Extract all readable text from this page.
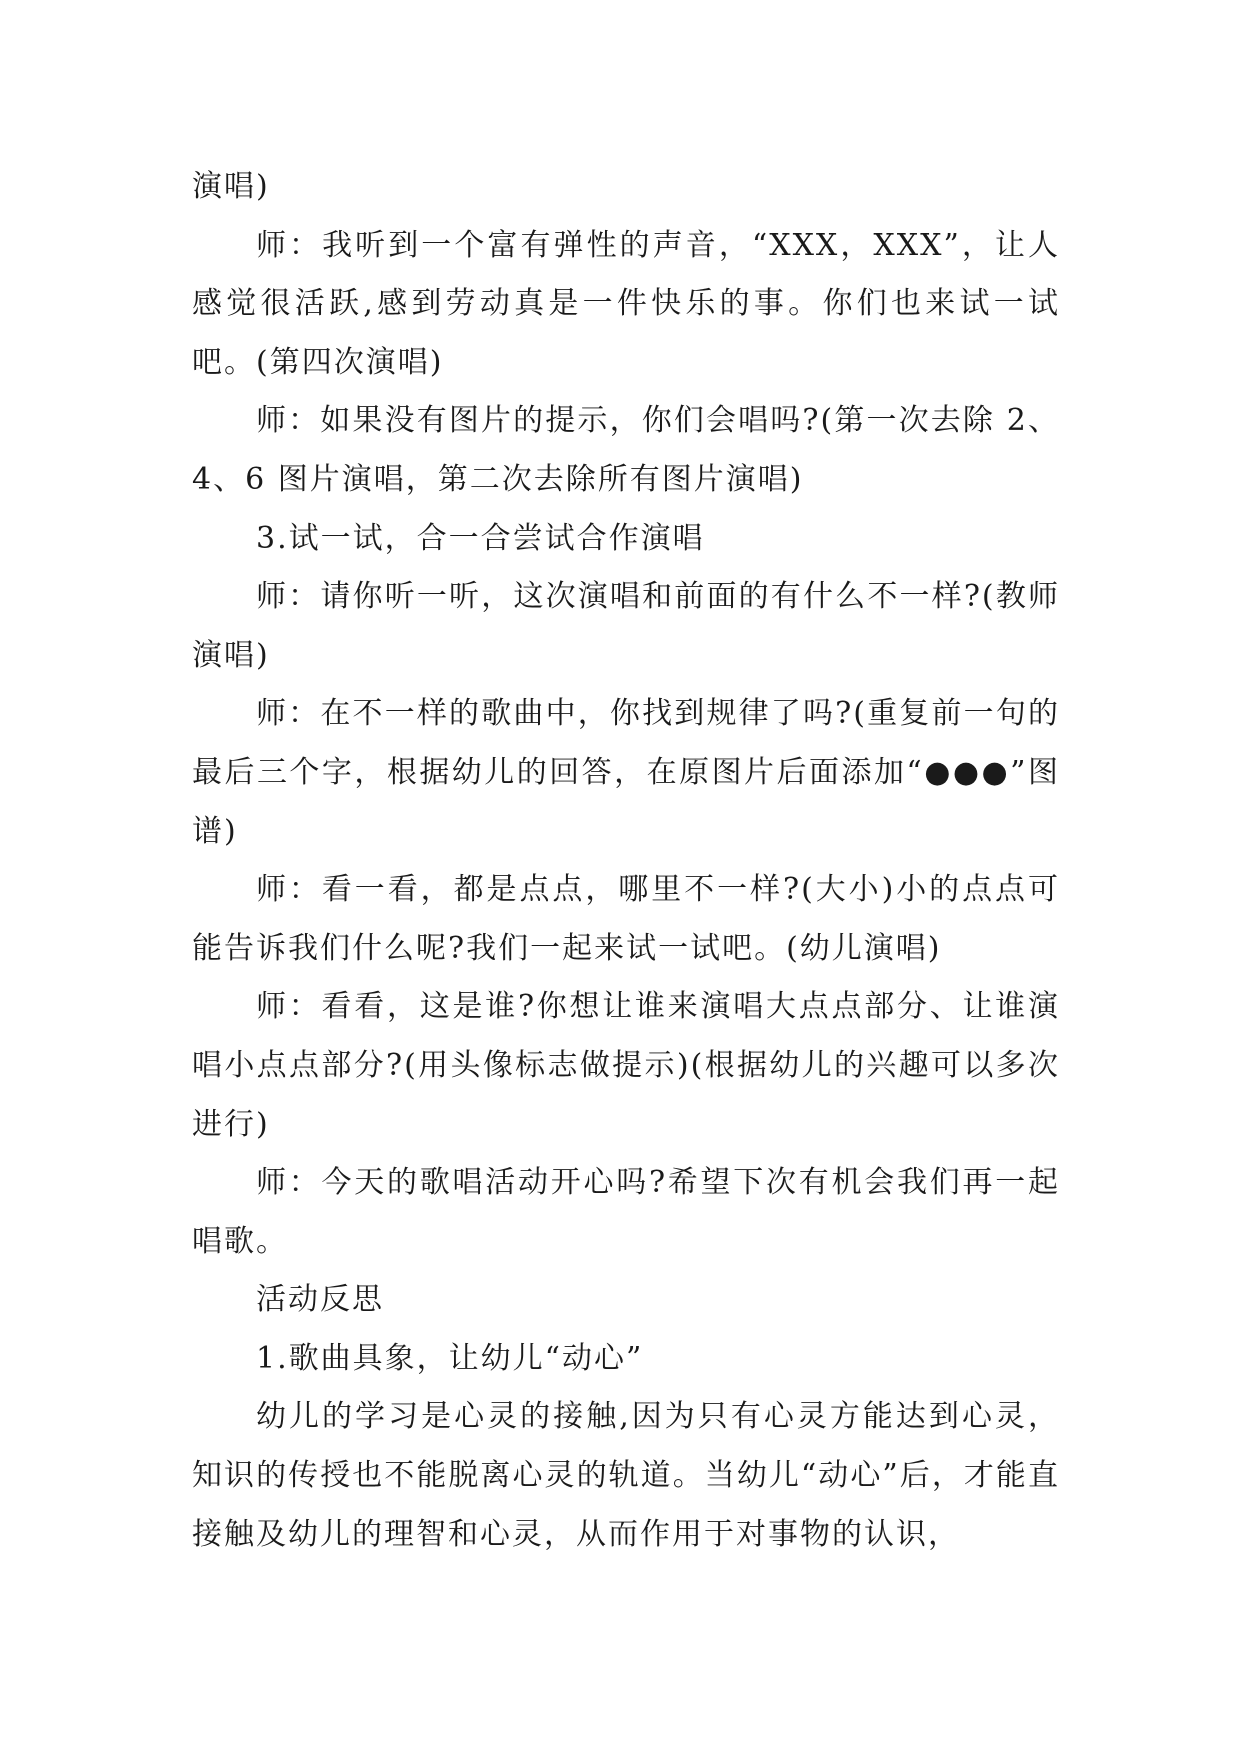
演唱)

师：我听到一个富有弹性的声音，“XXX，XXX”，让人感觉很活跃,感到劳动真是一件快乐的事。你们也来试一试吧。(第四次演唱)

师：如果没有图片的提示，你们会唱吗?(第一次去除 2、4、6 图片演唱，第二次去除所有图片演唱)

3.试一试，合一合尝试合作演唱

师：请你听一听，这次演唱和前面的有什么不一样?(教师演唱)

师：在不一样的歌曲中，你找到规律了吗?(重复前一句的最后三个字，根据幼儿的回答，在原图片后面添加“●●●”图谱)

师：看一看，都是点点，哪里不一样?(大小)小的点点可能告诉我们什么呢?我们一起来试一试吧。(幼儿演唱)

师：看看，这是谁?你想让谁来演唱大点点部分、让谁演唱小点点部分?(用头像标志做提示)(根据幼儿的兴趣可以多次进行)

师：今天的歌唱活动开心吗?希望下次有机会我们再一起唱歌。

活动反思

1.歌曲具象，让幼儿“动心”

幼儿的学习是心灵的接触,因为只有心灵方能达到心灵，知识的传授也不能脱离心灵的轨道。当幼儿“动心”后，才能直接触及幼儿的理智和心灵，从而作用于对事物的认识，
